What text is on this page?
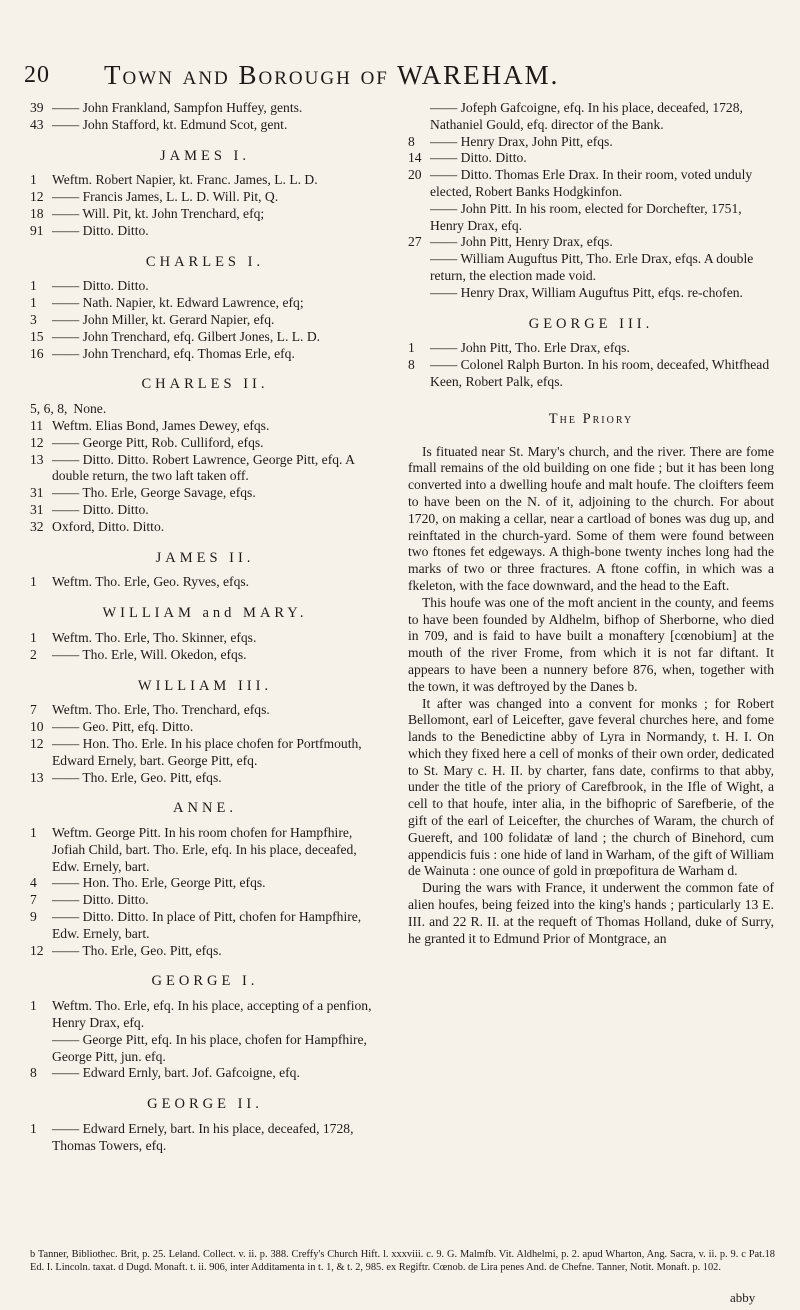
20 Town and Borough of WAREHAM.
39 —— John Frankland, Sampfon Huffey, gents.
43 —— John Stafford, kt. Edmund Scot, gent.
JAMES I.
1 Weftm. Robert Napier, kt. Franc. James, L. L. D.
12 —— Francis James, L. L. D. Will. Pit, Q.
18 —— Will. Pit, kt. John Trenchard, efq;
91 —— Ditto. Ditto.
CHARLES I.
1 —— Ditto. Ditto.
1 —— Nath. Napier, kt. Edward Lawrence, efq;
3 —— John Miller, kt. Gerard Napier, efq.
15 —— John Trenchard, efq. Gilbert Jones, L. L. D.
16 —— John Trenchard, efq. Thomas Erle, efq.
CHARLES II.
5, 6, 8, None.
11 Weftm. Elias Bond, James Dewey, efqs.
12 —— George Pitt, Rob. Culliford, efqs.
13 —— Ditto. Ditto. Robert Lawrence, George Pitt, efq. A double return, the two laft taken off.
31 —— Tho. Erle, George Savage, efqs.
31 —— Ditto. Ditto.
32 Oxford, Ditto. Ditto.
JAMES II.
1 Weftm. Tho. Erle, Geo. Ryves, efqs.
WILLIAM and MARY.
1 Weftm. Tho. Erle, Tho. Skinner, efqs.
2 —— Tho. Erle, Will. Okedon, efqs.
WILLIAM III.
7 Weftm. Tho. Erle, Tho. Trenchard, efqs.
10 —— Geo. Pitt, efq. Ditto.
12 —— Hon. Tho. Erle. In his place chofen for Portfmouth, Edward Ernely, bart. George Pitt, efq.
13 —— Tho. Erle, Geo. Pitt, efqs.
ANNE.
1 Weftm. George Pitt. In his room chofen for Hampfhire, Jofiah Child, bart. Tho. Erle, efq. In his place, deceafed, Edw. Ernely, bart.
4 —— Hon. Tho. Erle, George Pitt, efqs.
7 —— Ditto. Ditto.
9 —— Ditto. Ditto. In place of Pitt, chofen for Hampfhire, Edw. Ernely, bart.
12 —— Tho. Erle, Geo. Pitt, efqs.
GEORGE I.
1 Weftm. Tho. Erle, efq. In his place, accepting of a penfion, Henry Drax, efq.
—— George Pitt, efq. In his place, chofen for Hampfhire, George Pitt, jun. efq.
8 —— Edward Ernly, bart. Jof. Gafcoigne, efq.
GEORGE II.
1 —— Edward Ernely, bart. In his place, deceafed, 1728, Thomas Towers, efq.
—— Jofeph Gafcoigne, efq. In his place, deceafed, 1728, Nathaniel Gould, efq. director of the Bank.
8 —— Henry Drax, John Pitt, efqs.
14 —— Ditto. Ditto.
20 —— Ditto. Thomas Erle Drax. In their room, voted unduly elected, Robert Banks Hodgkinfon.
—— John Pitt. In his room, elected for Dorchefter, 1751, Henry Drax, efq.
27 —— John Pitt, Henry Drax, efqs.
—— William Auguftus Pitt, Tho. Erle Drax, efqs. A double return, the election made void.
—— Henry Drax, William Auguftus Pitt, efqs. re-chofen.
GEORGE III.
1 —— John Pitt, Tho. Erle Drax, efqs.
8 —— Colonel Ralph Burton. In his room, deceafed, Whitfhead Keen, Robert Palk, efqs.
The Priory

Is fituated near St. Mary's church, and the river. There are fome fmall remains of the old building on one fide ; but it has been long converted into a dwelling houfe and malt houfe. The cloifters feem to have been on the N. of it, adjoining to the church. For about 1720, on making a cellar, near a cartload of bones was dug up, and reinftated in the church-yard. Some of them were found between two ftones fet edgeways. A thigh-bone twenty inches long had the marks of two or three fractures. A ftone coffin, in which was a fkeleton, with the face downward, and the head to the Eaft.

This houfe was one of the moft ancient in the county, and feems to have been founded by Aldhelm, bifhop of Sherborne, who died in 709, and is faid to have built a monaftery [cœnobium] at the mouth of the river Frome, from which it is not far diftant. It appears to have been a nunnery before 876, when, together with the town, it was deftroyed by the Danes b.

It after was changed into a convent for monks ; for Robert Bellomont, earl of Leicefter, gave feveral churches here, and fome lands to the Benedictine abby of Lyra in Normandy, t. H. I. On which they fixed here a cell of monks of their own order, dedicated to St. Mary c. H. II. by charter, fans date, confirms to that abby, under the title of the priory of Carefbrook, in the Ifle of Wight, a cell to that houfe, inter alia, in the bifhopric of Sarefberie, of the gift of the earl of Leicefter, the churches of Waram, the church of Guereft, and 100 folidatæ of land ; the church of Binehord, cum appendicis fuis : one hide of land in Warham, of the gift of William de Wainuta : one ounce of gold in prœpofitura de Warham d.

During the wars with France, it underwent the common fate of alien houfes, being feized into the king's hands ; particularly 13 E. III. and 22 R. II. at the requeft of Thomas Holland, duke of Surry, he granted it to Edmund Prior of Montgrace, an

b Tanner, Bibliothec. Brit, p. 25. Leland. Collect. v. ii. p. 388. Creffy's Church Hift. l. xxxviii. c. 9. G. Malmfb. Vit. Aldhelmi, p. 2. apud Wharton, Ang. Sacra, v. ii. p. 9. c Pat.18 Ed. I. Lincoln. taxat. d Dugd. Monaft. t. ii. 906, inter Additamenta in t. 1, & t. 2, 985. ex Regiftr. Cœnob. de Lira penes And. de Chefne. Tanner, Notit. Monaft. p. 102.
abby
